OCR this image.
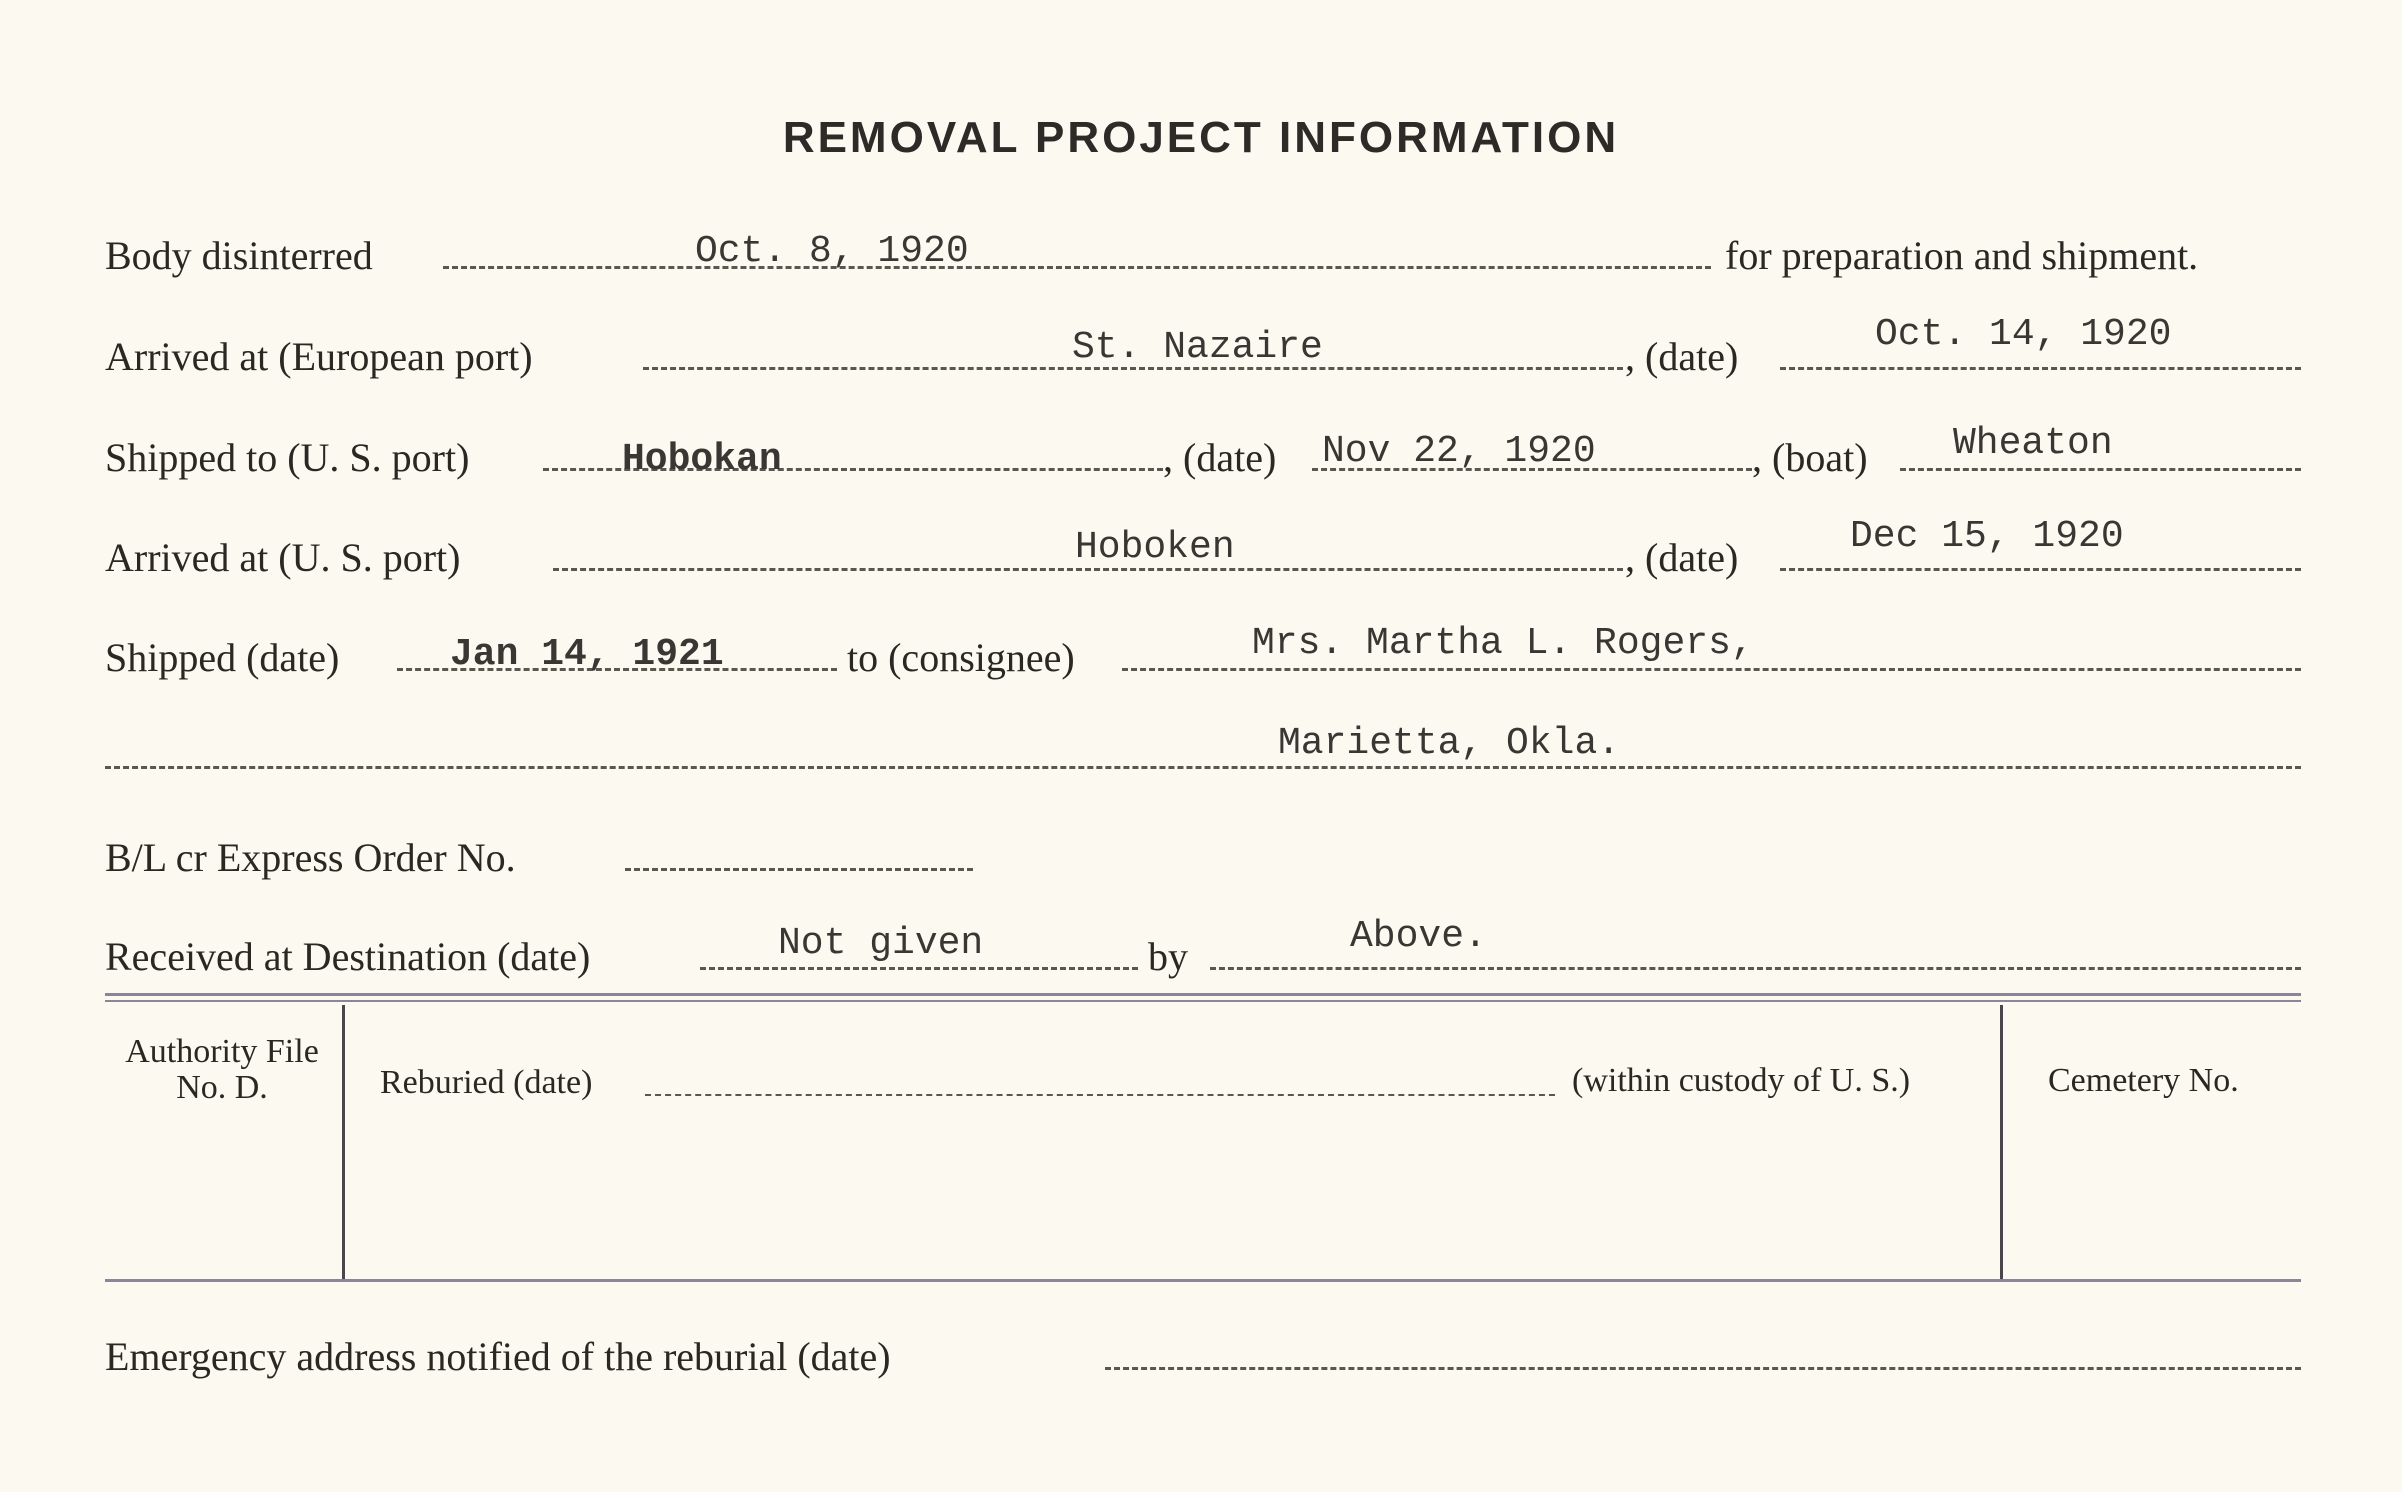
REMOVAL PROJECT INFORMATION
Body disinterred	Oct. 8, 1920	for preparation and shipment.
Arrived at (European port)	St. Nazaire	, (date)	Oct. 14, 1920
Shipped to (U. S. port)	Hobokan	, (date) Nov 22, 1920	, (boat) Wheaton
Arrived at (U. S. port)	Hoboken	, (date)	Dec 15, 1920
Shipped (date)	Jan 14, 1921	to (consignee)	Mrs. Martha L. Rogers,
Marietta, Okla.
B/L cr Express Order No.
Received at Destination (date)	Not given	by	Above.
Authority File No. D.	Reburied (date)	(within custody of U. S.)	Cemetery No.
Emergency address notified of the reburial (date)
